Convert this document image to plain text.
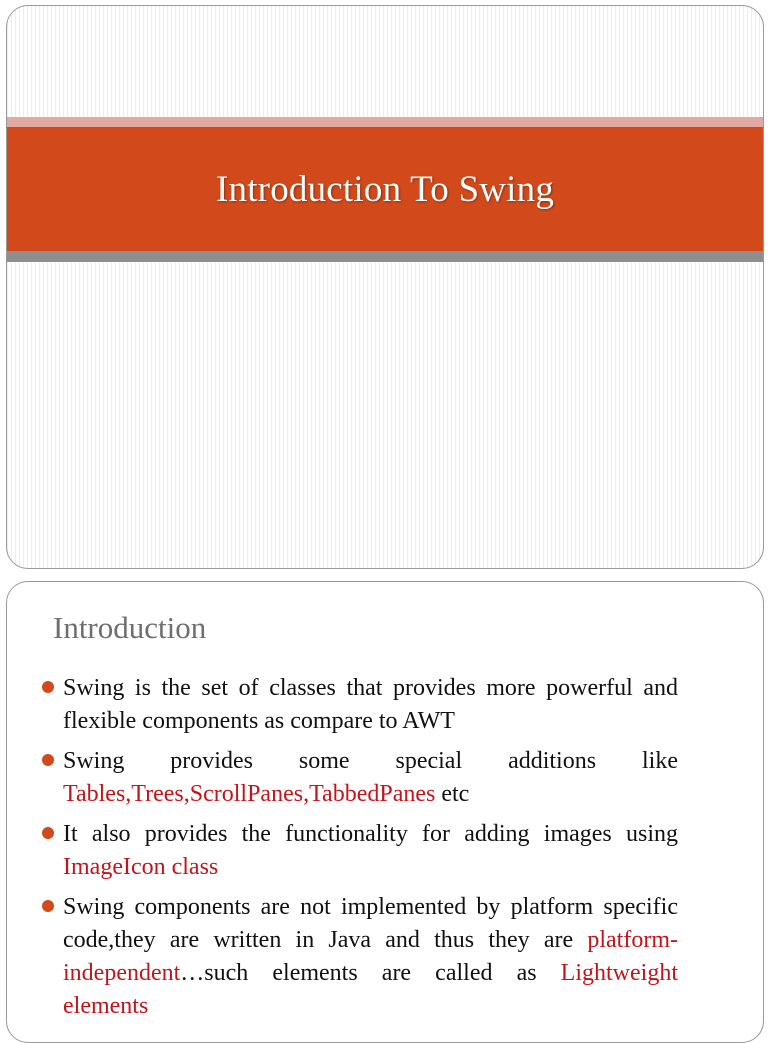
Introduction To Swing
Introduction
Swing is the set of classes that provides more powerful and flexible components as compare to AWT
Swing provides some special additions like Tables,Trees,ScrollPanes,TabbedPanes etc
It also provides the functionality for adding images using ImageIcon class
Swing components are not implemented by platform specific code,they are written in Java and thus they are platform-independent…such elements are called as Lightweight elements
